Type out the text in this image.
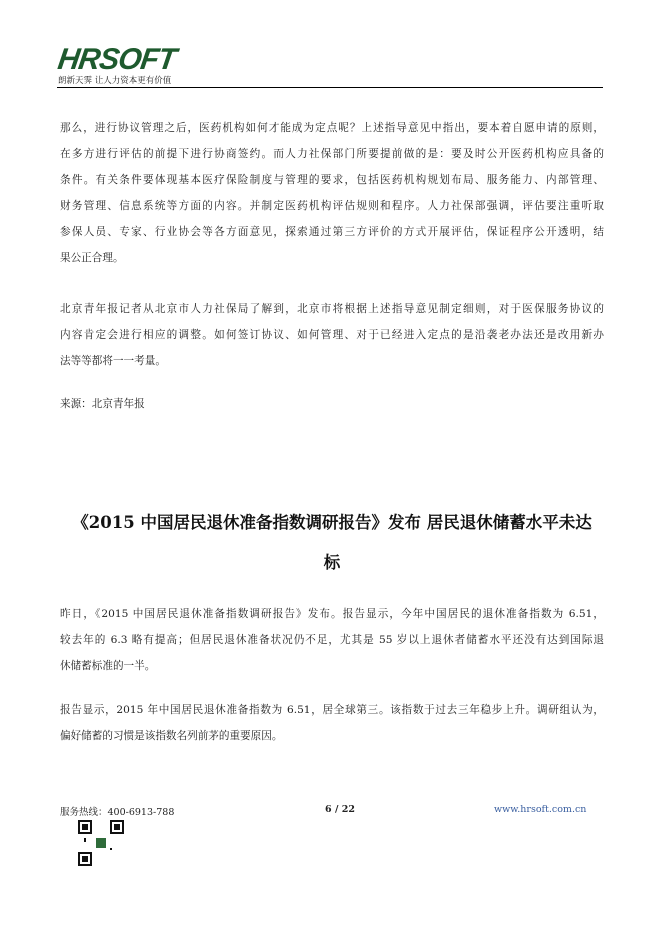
HRSOFT
朗新天霁 让人力资本更有价值
那么，进行协议管理之后，医药机构如何才能成为定点呢？上述指导意见中指出，要本着自愿申请的原则，
在多方进行评估的前提下进行协商签约。而人力社保部门所要提前做的是：要及时公开医药机构应具备的
条件。有关条件要体现基本医疗保险制度与管理的要求，包括医药机构规划布局、服务能力、内部管理、
财务管理、信息系统等方面的内容。并制定医药机构评估规则和程序。人力社保部强调，评估要注重听取
参保人员、专家、行业协会等各方面意见，探索通过第三方评价的方式开展评估，保证程序公开透明，结
果公正合理。
北京青年报记者从北京市人力社保局了解到，北京市将根据上述指导意见制定细则，对于医保服务协议的
内容肯定会进行相应的调整。如何签订协议、如何管理、对于已经进入定点的是沿袭老办法还是改用新办
法等等都将一一考量。
来源：北京青年报
《2015 中国居民退休准备指数调研报告》发布 居民退休储蓄水平未达
标
昨日，《2015 中国居民退休准备指数调研报告》发布。报告显示，今年中国居民的退休准备指数为 6.51，
较去年的 6.3 略有提高；但居民退休准备状况仍不足，尤其是 55 岁以上退休者储蓄水平还没有达到国际退
休储蓄标准的一半。
报告显示，2015 年中国居民退休准备指数为 6.51，居全球第三。该指数于过去三年稳步上升。调研组认为，
偏好储蓄的习惯是该指数名列前茅的重要原因。
服务热线：400-6913-788	6 / 22	www.hrsoft.com.cn
